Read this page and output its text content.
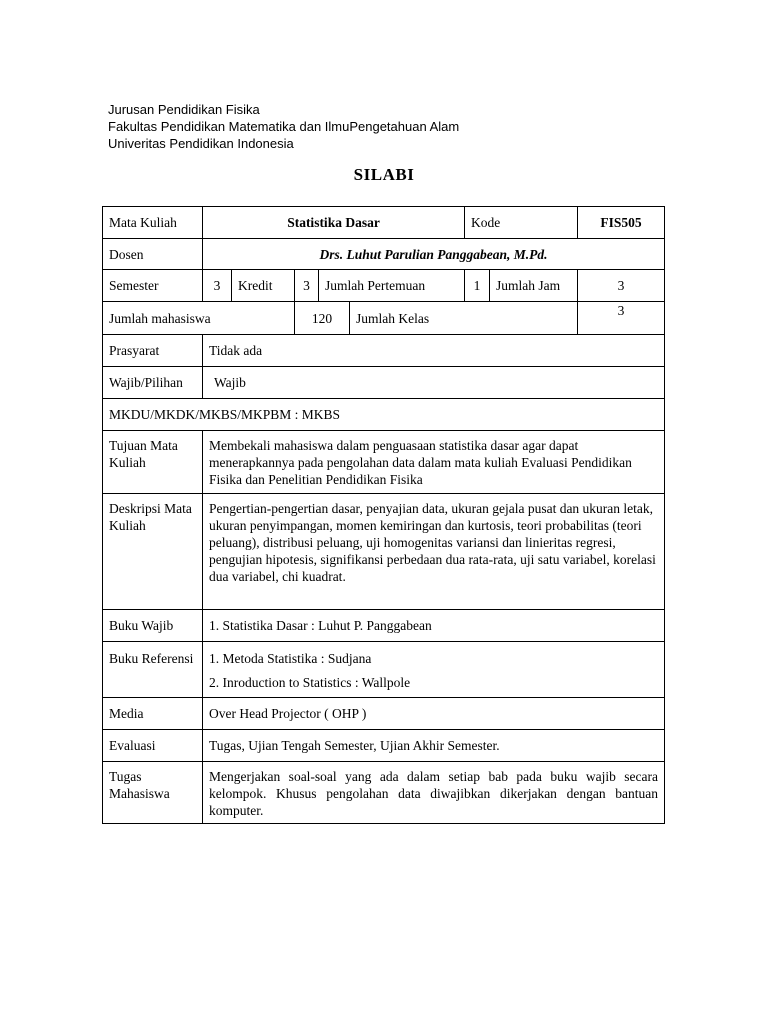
Jurusan Pendidikan Fisika
Fakultas Pendidikan Matematika dan IlmuPengetahuan Alam
Univeritas Pendidikan Indonesia
SILABI
Mata Kuliah	Statistika Dasar					Kode		FIS505
Dosen	Drs. Luhut Parulian Panggabean, M.Pd.							
Semester	3	Kredit	3	Jumlah Pertemuan		1	Jumlah Jam	3
Jumlah mahasiswa			120		Jumlah Kelas			3
Prasyarat	Tidak ada							
Wajib/Pilihan	Wajib							
MKDU/MKDK/MKBS/MKPBM : MKBS								
Tujuan Mata Kuliah	Membekali mahasiswa dalam penguasaan statistika dasar agar dapat menerapkannya pada pengolahan data dalam mata kuliah Evaluasi Pendidikan Fisika dan Penelitian Pendidikan Fisika							
Deskripsi Mata Kuliah	Pengertian-pengertian dasar, penyajian data, ukuran gejala pusat dan ukuran letak, ukuran penyimpangan, momen kemiringan dan kurtosis, teori probabilitas (teori peluang), distribusi peluang, uji homogenitas variansi dan linieritas regresi, pengujian hipotesis, signifikansi perbedaan dua rata-rata, uji satu variabel, korelasi dua variabel, chi kuadrat.							
Buku Wajib	1. Statistika Dasar : Luhut P. Panggabean							
Buku Referensi	1. Metoda Statistika : Sudjana
2. Inroduction to Statistics : Wallpole							

Media	Over Head Projector ( OHP )							
Evaluasi	Tugas, Ujian Tengah Semester, Ujian Akhir Semester.							
Tugas Mahasiswa	Mengerjakan soal-soal yang ada dalam setiap bab pada buku wajib secara kelompok. Khusus pengolahan data diwajibkan dikerjakan dengan bantuan komputer.							
